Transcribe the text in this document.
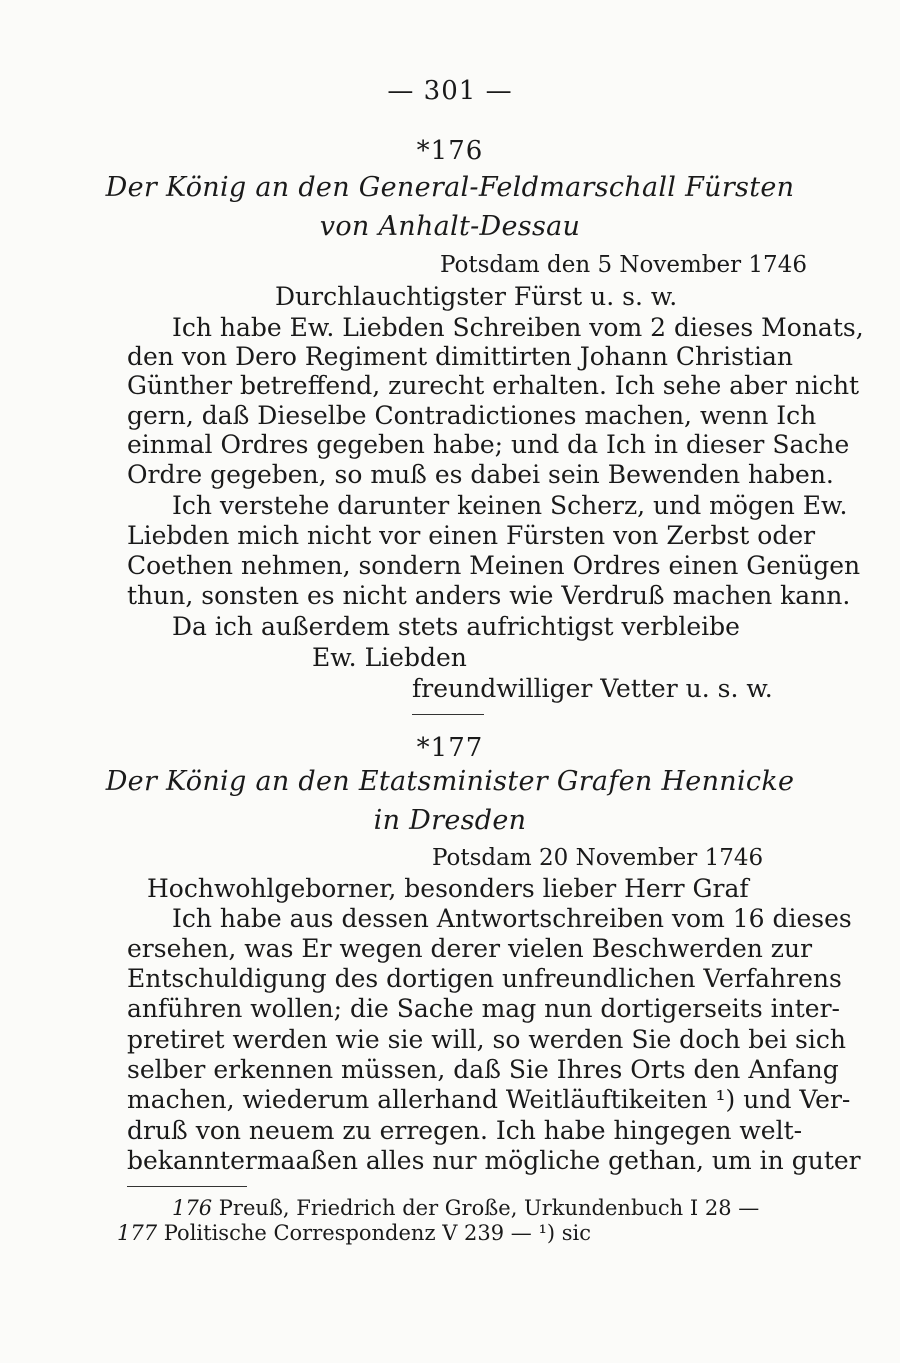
— 301 —
*176
Der König an den General-Feldmarschall Fürsten
von Anhalt-Dessau
Potsdam den 5 November 1746
Durchlauchtigster Fürst u. s. w.
Ich habe Ew. Liebden Schreiben vom 2 dieses Monats,
den von Dero Regiment dimittirten Johann Christian
Günther betreffend, zurecht erhalten. Ich sehe aber nicht
gern, daß Dieselbe Contradictiones machen, wenn Ich
einmal Ordres gegeben habe; und da Ich in dieser Sache
Ordre gegeben, so muß es dabei sein Bewenden haben.
Ich verstehe darunter keinen Scherz, und mögen Ew.
Liebden mich nicht vor einen Fürsten von Zerbst oder
Coethen nehmen, sondern Meinen Ordres einen Genügen
thun, sonsten es nicht anders wie Verdruß machen kann.
Da ich außerdem stets aufrichtigst verbleibe
Ew. Liebden
freundwilliger Vetter u. s. w.
*177
Der König an den Etatsminister Grafen Hennicke
in Dresden
Potsdam 20 November 1746
Hochwohlgeborner, besonders lieber Herr Graf
Ich habe aus dessen Antwortschreiben vom 16 dieses
ersehen, was Er wegen derer vielen Beschwerden zur
Entschuldigung des dortigen unfreundlichen Verfahrens
anführen wollen; die Sache mag nun dortigerseits inter-
pretiret werden wie sie will, so werden Sie doch bei sich
selber erkennen müssen, daß Sie Ihres Orts den Anfang
machen, wiederum allerhand Weitläuftikeiten ¹) und Ver-
druß von neuem zu erregen. Ich habe hingegen welt-
bekanntermaaßen alles nur mögliche gethan, um in guter
176 Preuß, Friedrich der Große, Urkundenbuch I 28 —
177 Politische Correspondenz V 239 — ¹) sic
